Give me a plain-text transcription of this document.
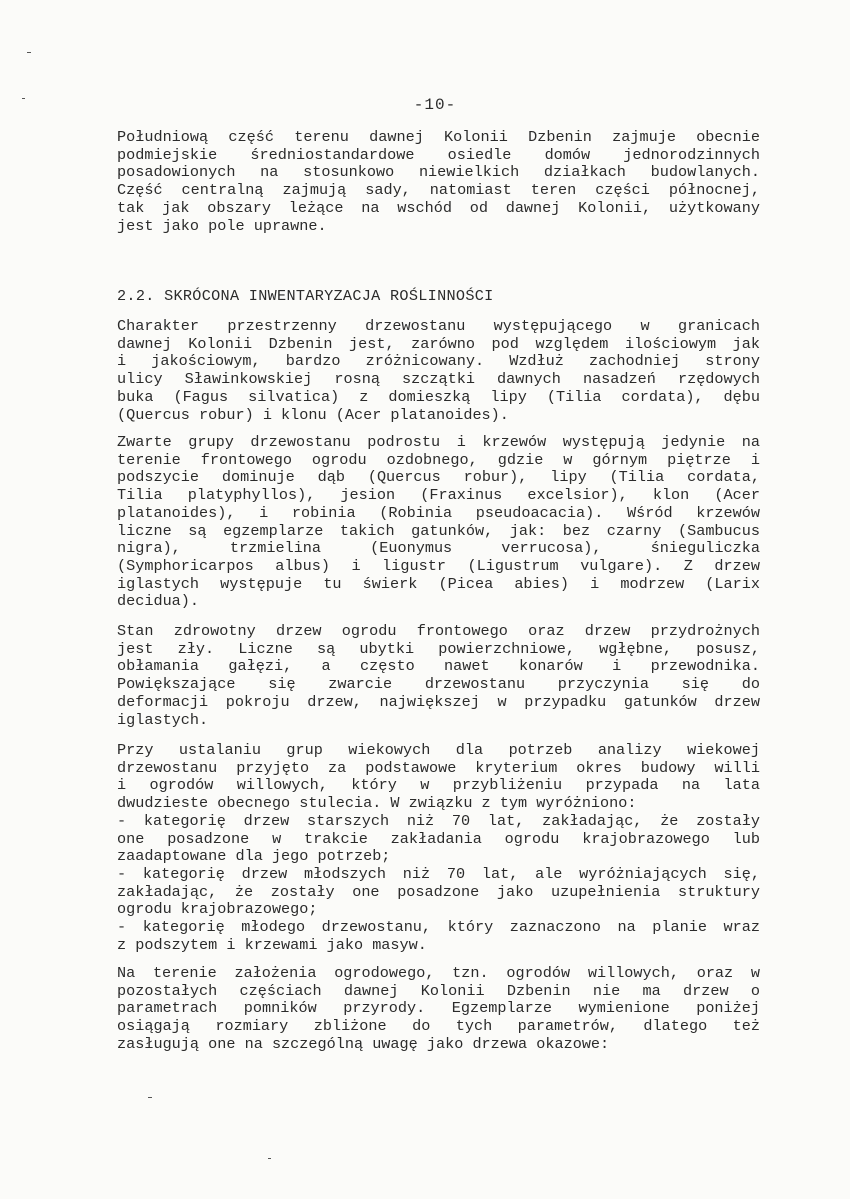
-10-
Południową część terenu dawnej Kolonii Dzbenin zajmuje obecnie
podmiejskie średniostandardowe osiedle domów jednorodzinnych
posadowionych na stosunkowo niewielkich działkach budowlanych.
Część centralną zajmują sady, natomiast teren części północnej,
tak jak obszary leżące na wschód od dawnej Kolonii, użytkowany
jest jako pole uprawne.
2.2. SKRÓCONA INWENTARYZACJA ROŚLINNOŚCI
Charakter przestrzenny drzewostanu występującego w granicach
dawnej Kolonii Dzbenin jest, zarówno pod względem ilościowym jak
i jakościowym, bardzo zróżnicowany. Wzdłuż zachodniej strony
ulicy Sławinkowskiej rosną szczątki dawnych nasadzeń rzędowych
buka (Fagus silvatica) z domieszką lipy (Tilia cordata), dębu
(Quercus robur) i klonu (Acer platanoides).
Zwarte grupy drzewostanu podrostu i krzewów występują jedynie na
terenie frontowego ogrodu ozdobnego, gdzie w górnym piętrze i
podszycie dominuje dąb (Quercus robur), lipy (Tilia cordata,
Tilia platyphyllos), jesion (Fraxinus excelsior), klon (Acer
platanoides), i robinia (Robinia pseudoacacia). Wśród krzewów
liczne są egzemplarze takich gatunków, jak: bez czarny (Sambucus
nigra), trzmielina (Euonymus verrucosa), śnieguliczka
(Symphoricarpos albus) i ligustr (Ligustrum vulgare). Z drzew
iglastych występuje tu świerk (Picea abies) i modrzew (Larix
decidua).
Stan zdrowotny drzew ogrodu frontowego oraz drzew przydrożnych
jest zły. Liczne są ubytki powierzchniowe, wgłębne, posusz,
obłamania gałęzi, a często nawet konarów i przewodnika.
Powiększające się zwarcie drzewostanu przyczynia się do
deformacji pokroju drzew, największej w przypadku gatunków drzew
iglastych.
Przy ustalaniu grup wiekowych dla potrzeb analizy wiekowej
drzewostanu przyjęto za podstawowe kryterium okres budowy willi
i ogrodów willowych, który w przybliżeniu przypada na lata
dwudzieste obecnego stulecia. W związku z tym wyróżniono:
- kategorię drzew starszych niż 70 lat, zakładając, że zostały
one posadzone w trakcie zakładania ogrodu krajobrazowego lub
zaadaptowane dla jego potrzeb;
- kategorię drzew młodszych niż 70 lat, ale wyróżniających się,
zakładając, że zostały one posadzone jako uzupełnienia struktury
ogrodu krajobrazowego;
- kategorię młodego drzewostanu, który zaznaczono na planie wraz
z podszytem i krzewami jako masyw.
Na terenie założenia ogrodowego, tzn. ogrodów willowych, oraz w
pozostałych częściach dawnej Kolonii Dzbenin nie ma drzew o
parametrach pomników przyrody. Egzemplarze wymienione poniżej
osiągają rozmiary zbliżone do tych parametrów, dlatego też
zasługują one na szczególną uwagę jako drzewa okazowe:
